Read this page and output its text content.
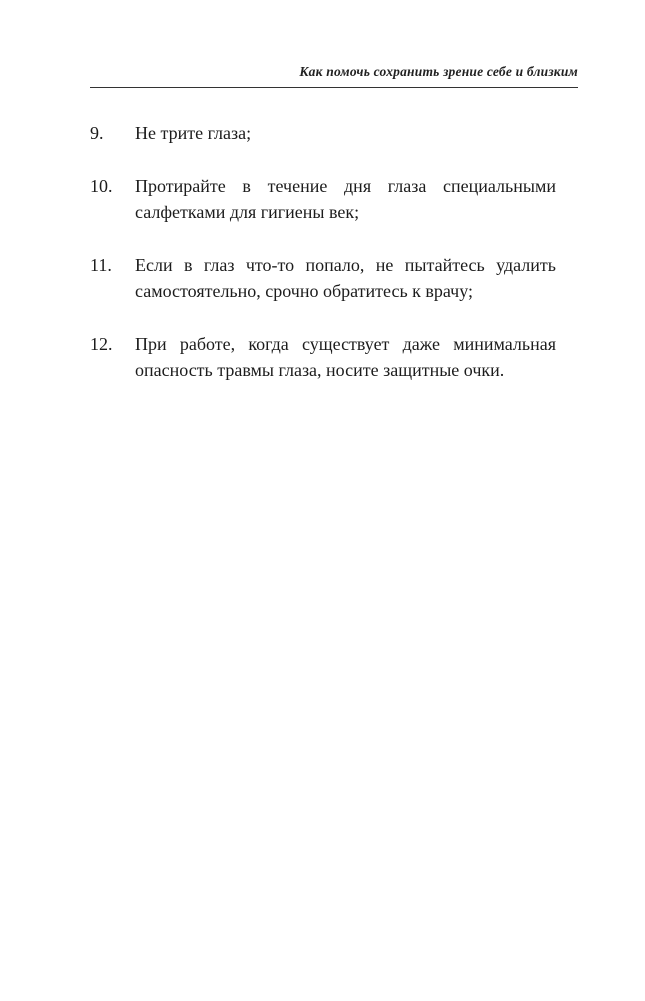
Как помочь сохранить зрение себе и близким
9.	Не трите глаза;
10.	Протирайте в течение дня глаза специальными салфетками для гигиены век;
11.	Если в глаз что-то попало, не пытайтесь удалить самостоятельно, срочно обратитесь к врачу;
12.	При работе, когда существует даже минимальная опасность травмы глаза, носите защитные очки.
